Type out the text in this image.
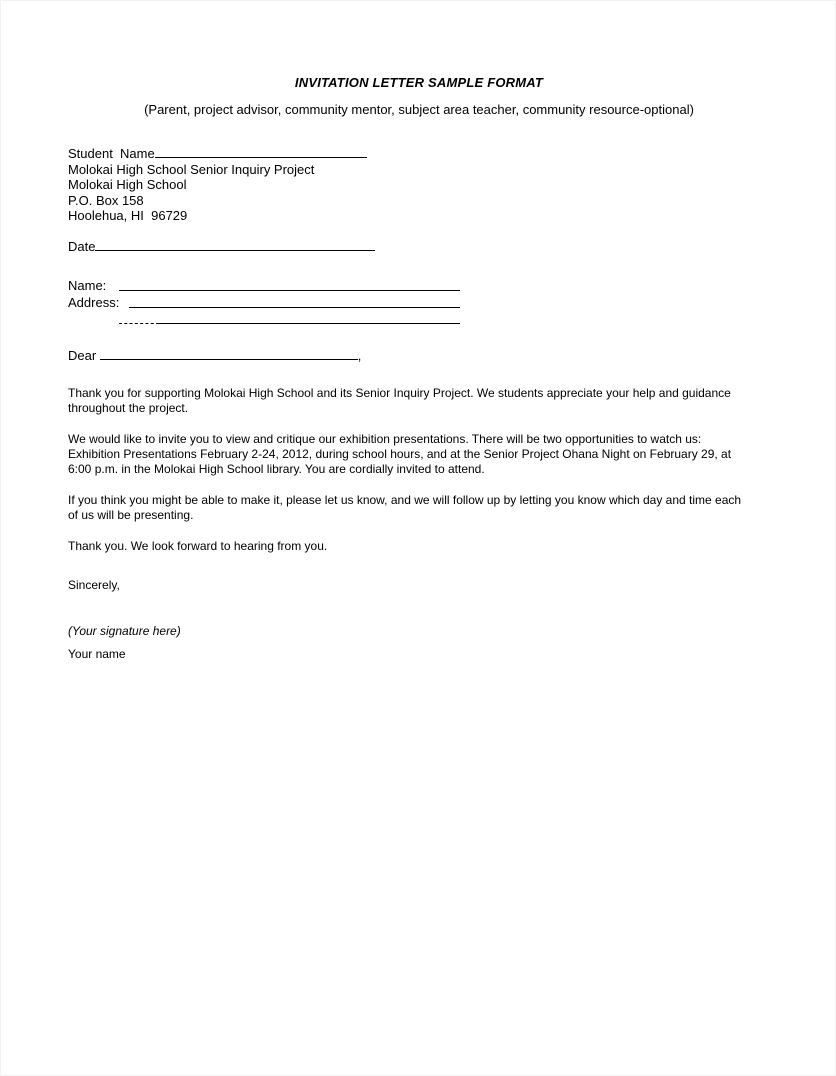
INVITATION LETTER SAMPLE FORMAT
(Parent, project advisor, community mentor, subject area teacher, community resource-optional)
Student  Name
Molokai High School Senior Inquiry Project
Molokai High School
P.O. Box 158
Hoolehua, HI  96729
Date
Name:
Address:
Dear	,
Thank you for supporting Molokai High School and its Senior Inquiry Project. We students appreciate your help and guidance throughout the project.
We would like to invite you to view and critique our exhibition presentations. There will be two opportunities to watch us: Exhibition Presentations February 2-24, 2012, during school hours, and at the Senior Project Ohana Night on February 29, at 6:00 p.m. in the Molokai High School library. You are cordially invited to attend.
If you think you might be able to make it, please let us know, and we will follow up by letting you know which day and time each of us will be presenting.
Thank you. We look forward to hearing from you.
Sincerely,
(Your signature here)
Your name
